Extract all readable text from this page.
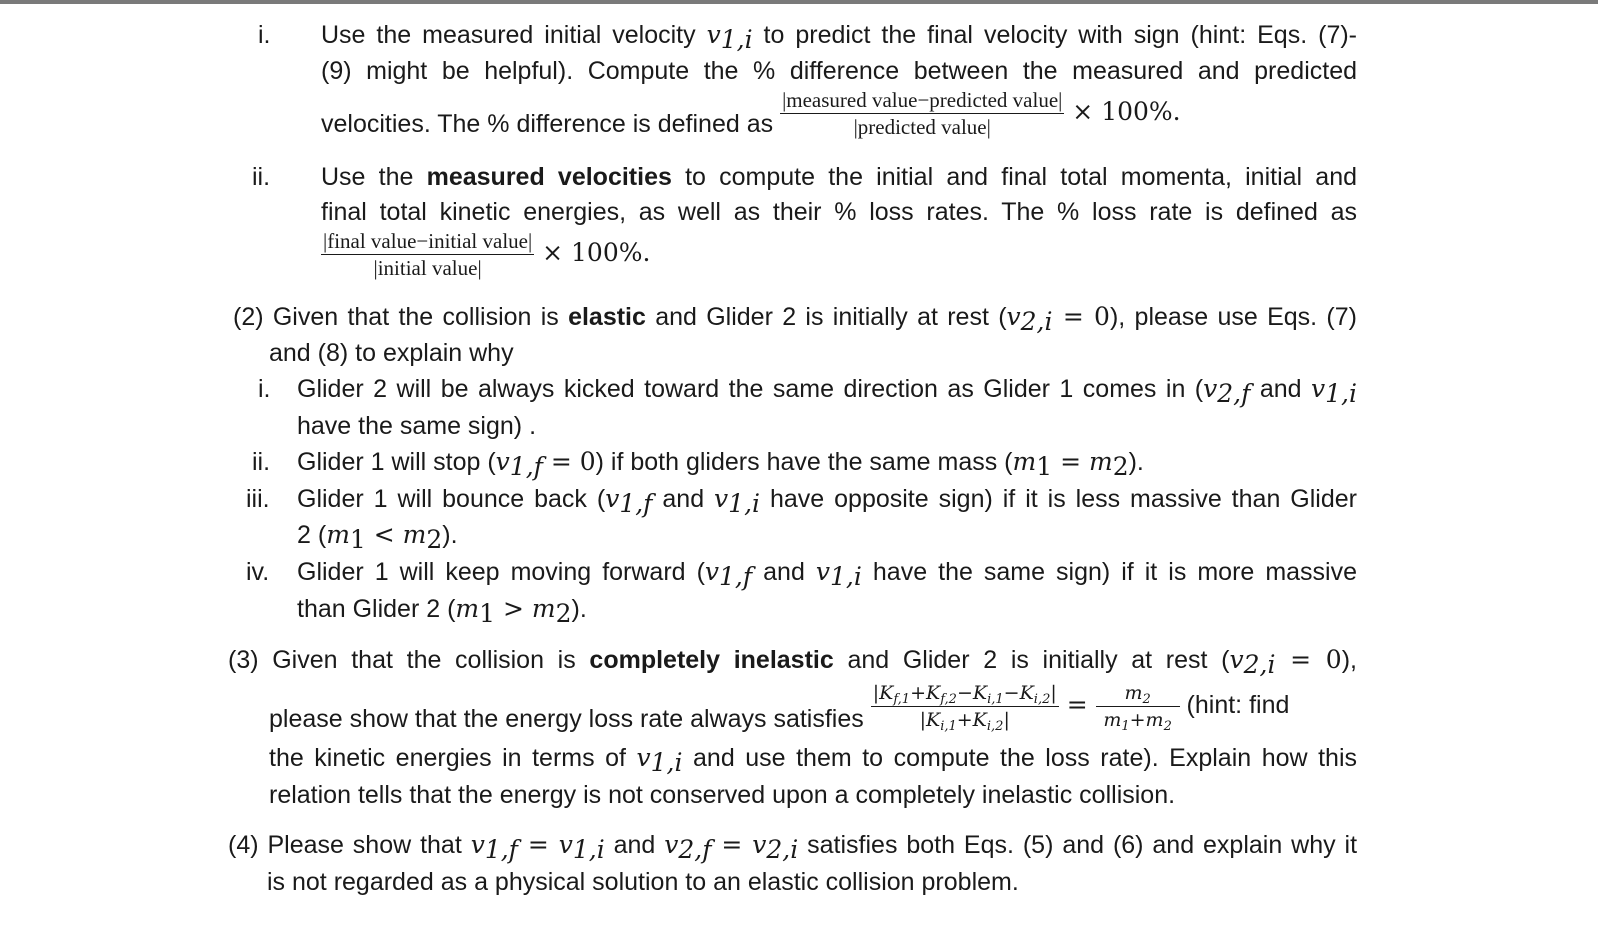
i. Use the measured initial velocity $v_{1,i}$ to predict the final velocity with sign (hint: Eqs. (7)-
(9) might be helpful). Compute the % difference between the measured and predicted
velocities. The % difference is defined as $\frac{\text{|measured value−predicted value|}}{\text{|predicted value|}} \times 100\%$.
ii. Use the measured velocities to compute the initial and final total momenta, initial and
final total kinetic energies, as well as their % loss rates. The % loss rate is defined as
$\frac{\text{|final value−initial value|}}{\text{|initial value|}} \times 100\%$.
(2) Given that the collision is elastic and Glider 2 is initially at rest $(v_{2,i} = 0)$, please use Eqs. (7)
and (8) to explain why
i. Glider 2 will be always kicked toward the same direction as Glider 1 comes in ($v_{2,f}$ and $v_{1,i}$
have the same sign) .
ii. Glider 1 will stop $(v_{1,f} = 0)$ if both gliders have the same mass $(m_1 = m_2)$.
iii. Glider 1 will bounce back ($v_{1,f}$ and $v_{1,i}$ have opposite sign) if it is less massive than Glider
2 $(m_1 < m_2)$.
iv. Glider 1 will keep moving forward ($v_{1,f}$ and $v_{1,i}$ have the same sign) if it is more massive
than Glider 2 $(m_1 > m_2)$.
(3) Given that the collision is completely inelastic and Glider 2 is initially at rest $(v_{2,i} = 0)$,
please show that the energy loss rate always satisfies $\frac{|K_{f,1}+K_{f,2}-K_{i,1}-K_{i,2}|}{|K_{i,1}+K_{i,2}|} = \frac{m_2}{m_1+m_2}$ (hint: find
the kinetic energies in terms of $v_{1,i}$ and use them to compute the loss rate). Explain how this
relation tells that the energy is not conserved upon a completely inelastic collision.
(4) Please show that $v_{1,f} = v_{1,i}$ and $v_{2,f} = v_{2,i}$ satisfies both Eqs. (5) and (6) and explain why it
is not regarded as a physical solution to an elastic collision problem.
